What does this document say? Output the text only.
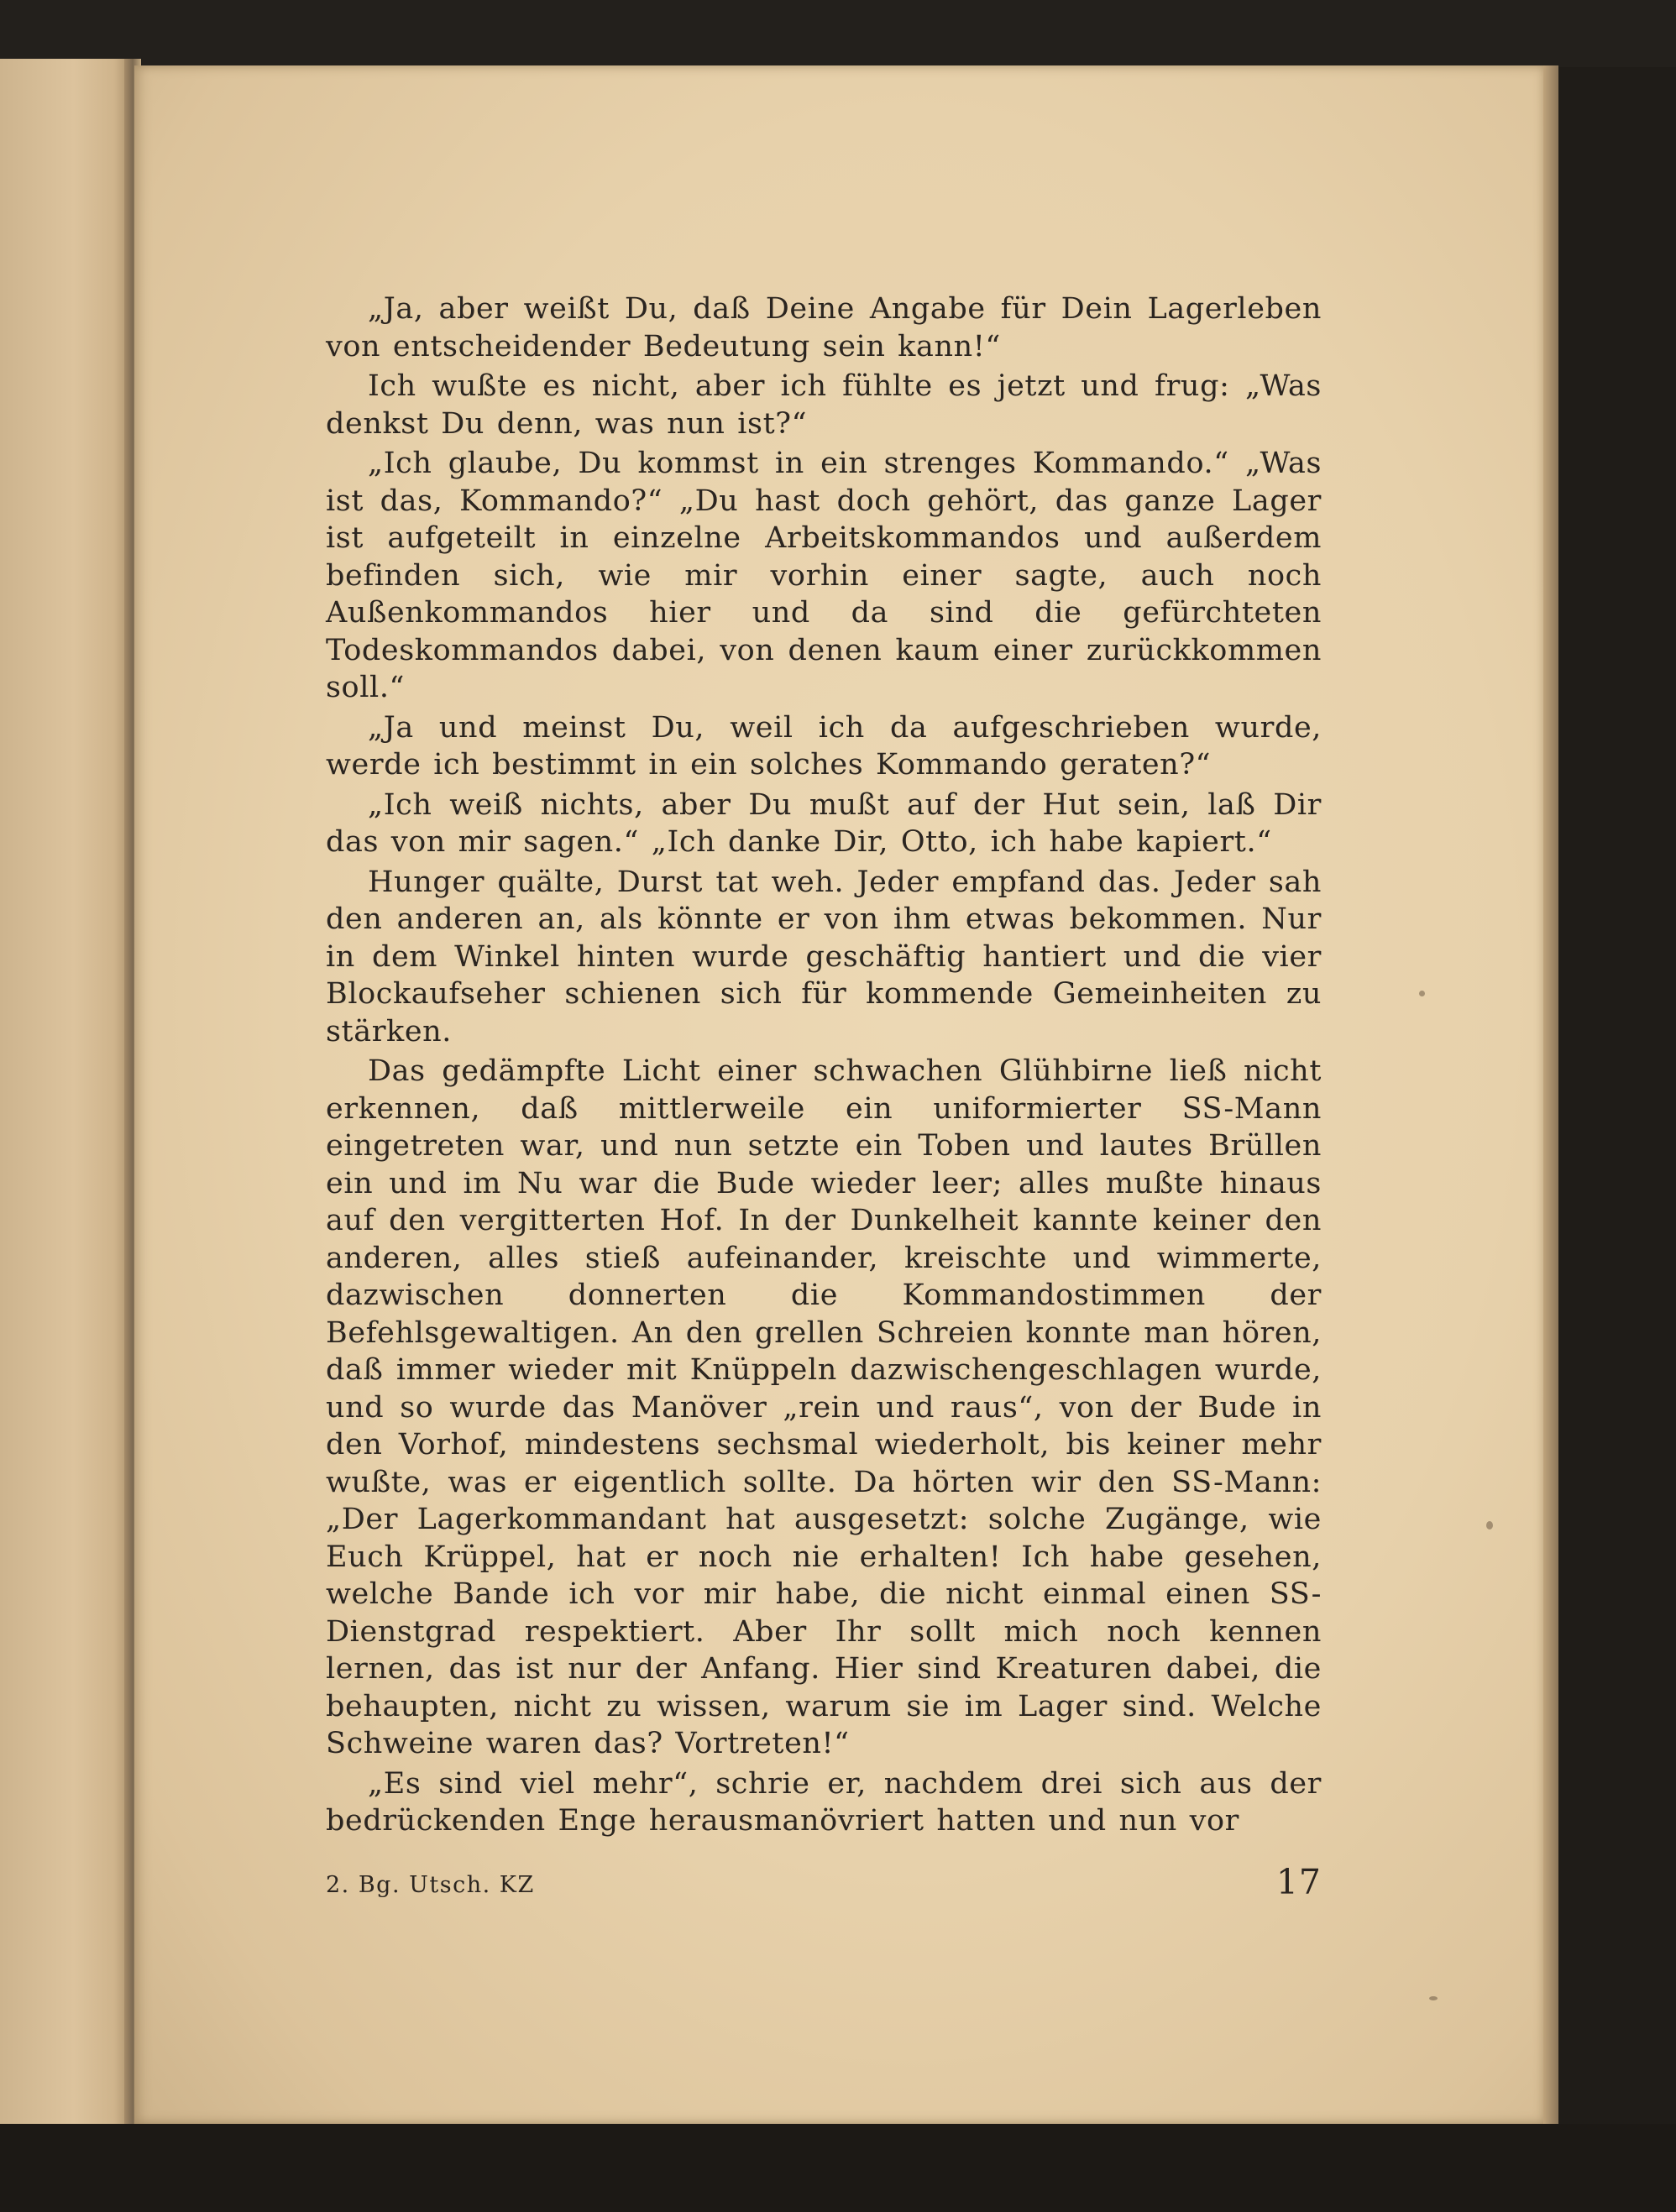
„Ja, aber weißt Du, daß Deine Angabe für Dein Lagerleben von entscheidender Bedeutung sein kann!“

Ich wußte es nicht, aber ich fühlte es jetzt und frug: „Was denkst Du denn, was nun ist?“

„Ich glaube, Du kommst in ein strenges Kommando.“ „Was ist das, Kommando?“ „Du hast doch gehört, das ganze Lager ist aufgeteilt in einzelne Arbeitskommandos und außerdem befinden sich, wie mir vorhin einer sagte, auch noch Außenkommandos hier und da sind die gefürchteten Todeskommandos dabei, von denen kaum einer zurückkommen soll.“

„Ja und meinst Du, weil ich da aufgeschrieben wurde, werde ich bestimmt in ein solches Kommando geraten?“

„Ich weiß nichts, aber Du mußt auf der Hut sein, laß Dir das von mir sagen.“ „Ich danke Dir, Otto, ich habe kapiert.“

Hunger quälte, Durst tat weh. Jeder empfand das. Jeder sah den anderen an, als könnte er von ihm etwas bekommen. Nur in dem Winkel hinten wurde geschäftig hantiert und die vier Blockaufseher schienen sich für kommende Gemeinheiten zu stärken.

Das gedämpfte Licht einer schwachen Glühbirne ließ nicht erkennen, daß mittlerweile ein uniformierter SS-Mann eingetreten war, und nun setzte ein Toben und lautes Brüllen ein und im Nu war die Bude wieder leer; alles mußte hinaus auf den vergitterten Hof. In der Dunkelheit kannte keiner den anderen, alles stieß aufeinander, kreischte und wimmerte, dazwischen donnerten die Kommandostimmen der Befehlsgewaltigen. An den grellen Schreien konnte man hören, daß immer wieder mit Knüppeln dazwischengeschlagen wurde, und so wurde das Manöver „rein und raus“, von der Bude in den Vorhof, mindestens sechsmal wiederholt, bis keiner mehr wußte, was er eigentlich sollte. Da hörten wir den SS-Mann: „Der Lagerkommandant hat ausgesetzt: solche Zugänge, wie Euch Krüppel, hat er noch nie erhalten! Ich habe gesehen, welche Bande ich vor mir habe, die nicht einmal einen SS-Dienstgrad respektiert. Aber Ihr sollt mich noch kennen lernen, das ist nur der Anfang. Hier sind Kreaturen dabei, die behaupten, nicht zu wissen, warum sie im Lager sind. Welche Schweine waren das? Vortreten!“

„Es sind viel mehr“, schrie er, nachdem drei sich aus der bedrückenden Enge herausmanövriert hatten und nun vor

2. Bg. Utsch. KZ	17
